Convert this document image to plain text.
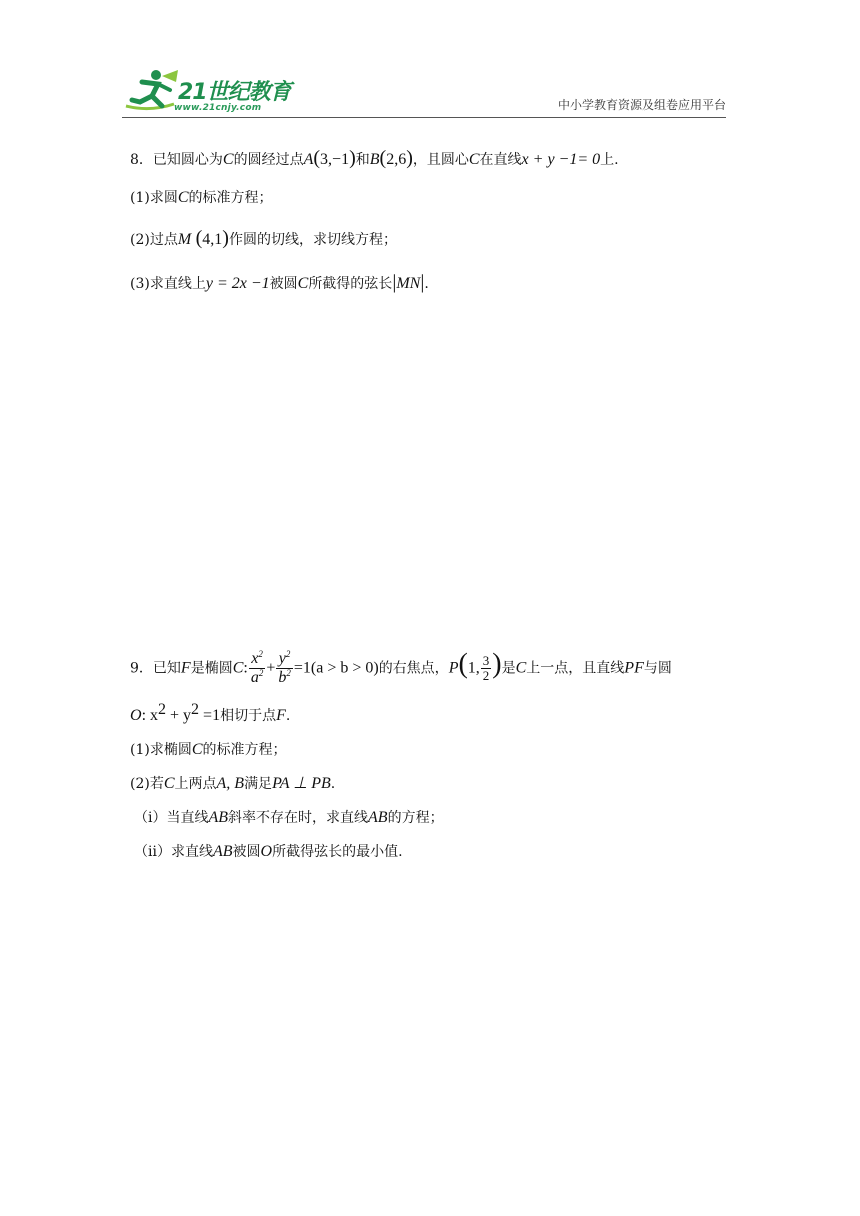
21世纪教育
www.21cnjy.com	中小学教育资源及组卷应用平台
8．已知圆心为C的圆经过点A(3,−1)和B(2,6)，且圆心C在直线x + y −1= 0上.
(1)求圆C的标准方程；
(2)过点M (4,1)作圆的切线，求切线方程；
(3)求直线上y = 2x −1被圆C所截得的弦长|MN|.
9．已知F是椭圆C: $\frac{x^2}{a^2} + \frac{y^2}{b^2} =1(a > b > 0)$的右焦点，P(1, $\frac{3}{2}$ )是C上一点，且直线PF与圆
O: $x^2 + y^2 =1$相切于点F.
(1)求椭圆C的标准方程；
(2)若C上两点A, B满足PA ⊥ PB.
（ⅰ）当直线AB斜率不存在时，求直线AB的方程；
（ⅱ）求直线AB被圆O所截得弦长的最小值.
